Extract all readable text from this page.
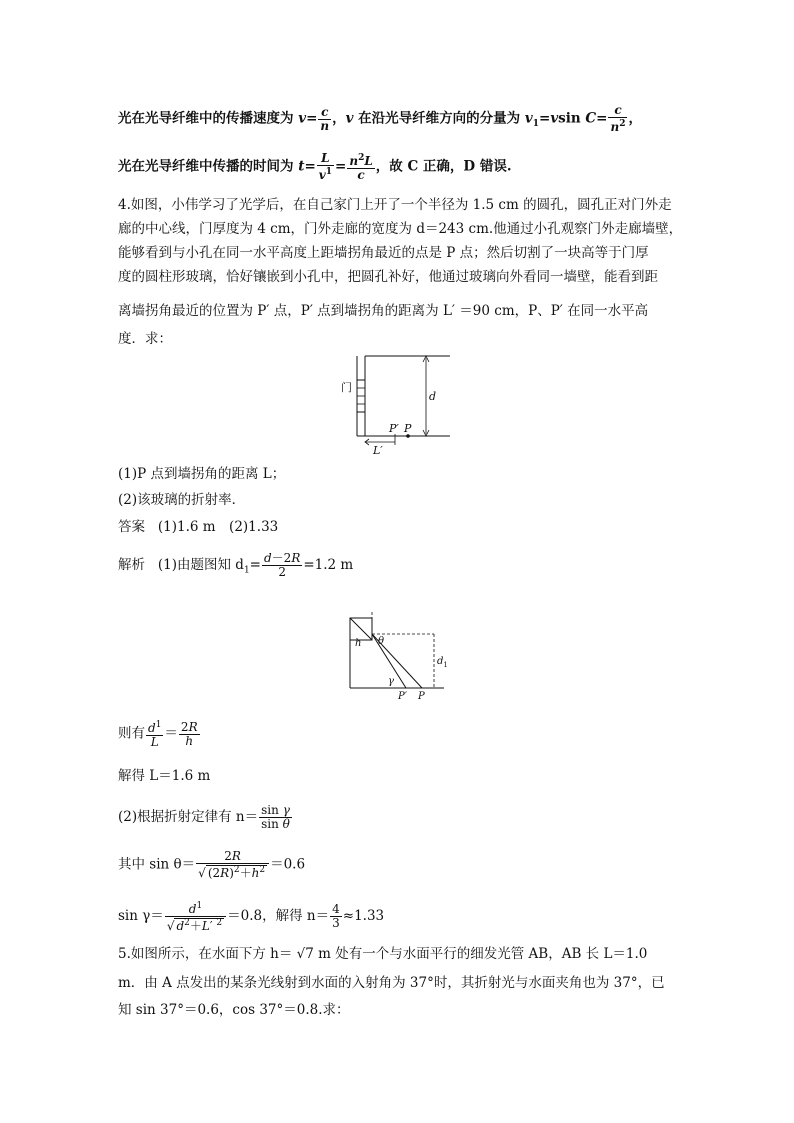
光在光导纤维中的传播速度为 $v= \frac{c}{n}$ ，v 在沿光导纤维方向的分量为 $v_1=vsin$ $C= \frac{c}{n^2}$ ，
光在光导纤维中传播的时间为 $t= \frac{L}{v^1} = \frac{n^2L}{c}$ ，故 C 正确，D 错误.
4.如图，小伟学习了光学后，在自己家门上开了一个半径为 1.5 cm 的圆孔，圆孔正对门外走
廊的中心线，门厚度为 4 cm，门外走廊的宽度为 d＝243 cm.他通过小孔观察门外走廊墙壁，
能够看到与小孔在同一水平高度上距墙拐角最近的点是 P 点；然后切割了一块高等于门厚
度的圆柱形玻璃，恰好镶嵌到小孔中，把圆孔补好，他通过玻璃向外看同一墙壁，能看到距
离墙拐角最近的位置为 P′ 点，P′ 点到墙拐角的距离为 L′ ＝90 cm，P、P′ 在同一水平高
度．求：
门
d
P′ P
L′
(1)P 点到墙拐角的距离 L；
(2)该玻璃的折射率．
答案 (1)1.6 m　(2)1.33
解析 (1)由题图知 $d_1= \frac{d-2R}{2} =1.2$ m
h θ
$d_1$
γ
P′ P
则有 $\frac{d^1}{L} = \frac{2R}{h}$
解得 L＝1.6 m
(2)根据折射定律有 $n= \frac{\text{sin γ}}{\text{sin θ}}$
其中 $\sin \theta= \frac{2R}{√ (2R)^2+h^2} =0.6$
$\sin \gamma= \frac{d^1}{√ d^2+L' ^2} =0.8$，解得 $n= \frac{4}{3} \approx 1.33$
5.如图所示，在水面下方 h＝ √7 m 处有一个与水面平行的细发光管 AB，AB 长 L＝1.0
m．由 A 点发出的某条光线射到水面的入射角为 37°时，其折射光与水面夹角也为 37°，已
知 sin 37°＝0.6，cos 37°＝0.8.求：
